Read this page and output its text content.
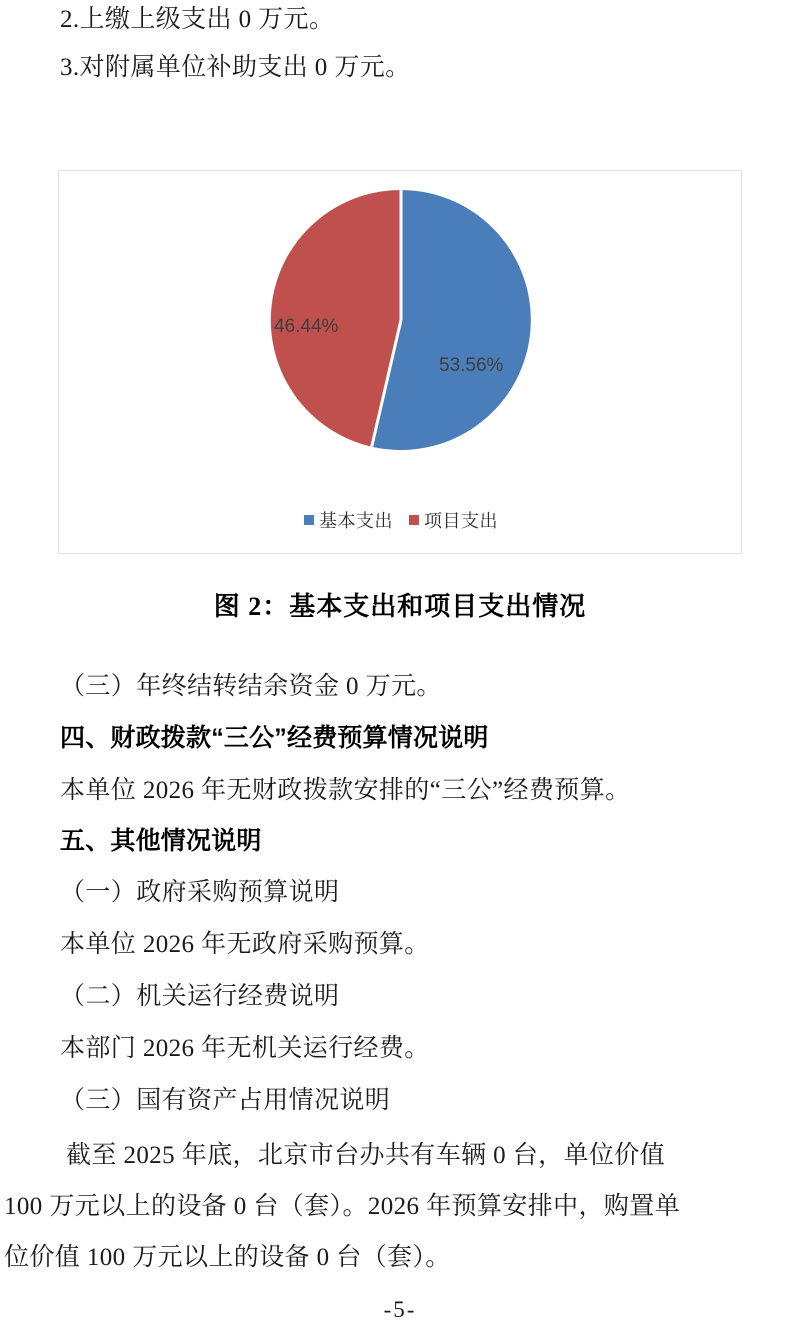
2.上缴上级支出 0 万元。
3.对附属单位补助支出 0 万元。
53.56%
46.44%
基本支出 项目支出
图 2：基本支出和项目支出情况
（三）年终结转结余资金 0 万元。
四、财政拨款“三公”经费预算情况说明
本单位 2026 年无财政拨款安排的“三公”经费预算。
五、其他情况说明
（一）政府采购预算说明
本单位 2026 年无政府采购预算。
（二）机关运行经费说明
本部门 2026 年无机关运行经费。
（三）国有资产占用情况说明
截至 2025 年底，北京市台办共有车辆 0 台，单位价值
100 万元以上的设备 0 台（套）。2026 年预算安排中，购置单
位价值 100 万元以上的设备 0 台（套）。
-5-
